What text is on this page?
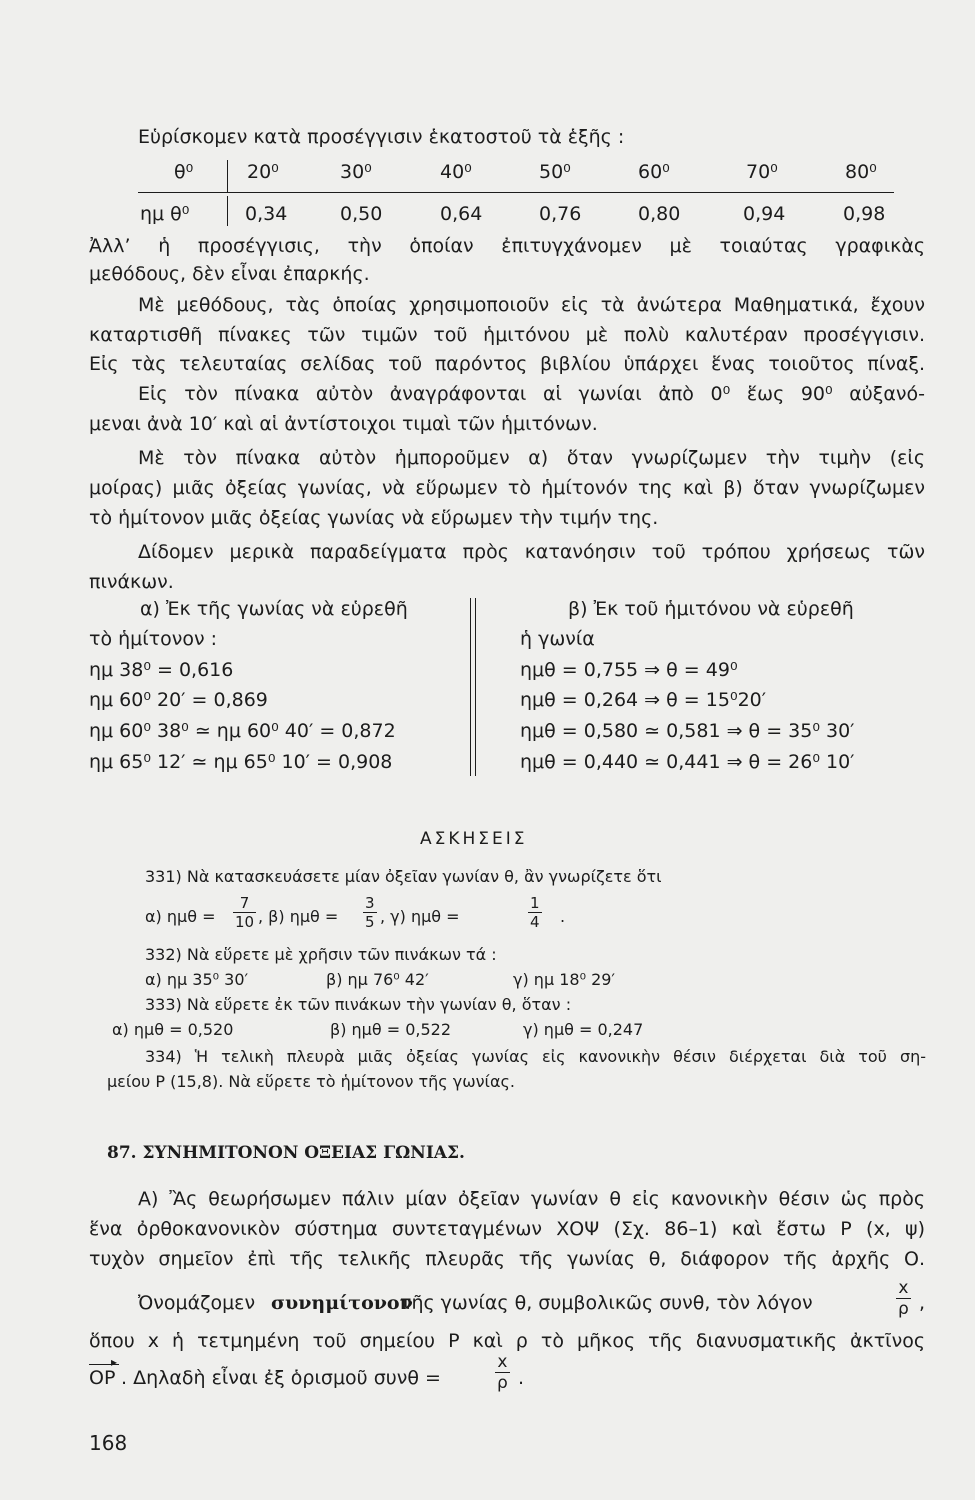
Εὑρίσκομεν κατὰ προσέγγισιν ἑκατοστοῦ τὰ ἑξῆς :
θ⁰	20⁰	30⁰	40⁰	50⁰	60⁰	70⁰	80⁰
ημ θ⁰	0,34	0,50	0,64	0,76	0,80	0,94	0,98
Ἀλλ’ ἡ προσέγγισις, τὴν ὁποίαν ἐπιτυγχάνομεν μὲ τοιαύτας γραφικὰς
μεθόδους, δὲν εἶναι ἐπαρκής.
Μὲ μεθόδους, τὰς ὁποίας χρησιμοποιοῦν εἰς τὰ ἀνώτερα Μαθηματικά, ἔχουν
καταρτισθῆ πίνακες τῶν τιμῶν τοῦ ἡμιτόνου μὲ πολὺ καλυτέραν προσέγγισιν.
Εἰς τὰς τελευταίας σελίδας τοῦ παρόντος βιβλίου ὑπάρχει ἕνας τοιοῦτος πίναξ.
Εἰς τὸν πίνακα αὐτὸν ἀναγράφονται αἱ γωνίαι ἀπὸ 0⁰ ἕως 90⁰ αὐξανό-
μεναι ἀνὰ 10′ καὶ αἱ ἀντίστοιχοι τιμαὶ τῶν ἡμιτόνων.
Μὲ τὸν πίνακα αὐτὸν ἠμποροῦμεν α) ὅταν γνωρίζωμεν τὴν τιμὴν (εἰς
μοίρας) μιᾶς ὀξείας γωνίας, νὰ εὕρωμεν τὸ ἡμίτονόν της καὶ β) ὅταν γνωρίζωμεν
τὸ ἡμίτονον μιᾶς ὀξείας γωνίας νὰ εὕρωμεν τὴν τιμήν της.
Δίδομεν μερικὰ παραδείγματα πρὸς κατανόησιν τοῦ τρόπου χρήσεως τῶν
πινάκων.
α) Ἐκ τῆς γωνίας νὰ εὑρεθῆ
τὸ ἡμίτονον :
ημ 38⁰ = 0,616
ημ 60⁰ 20′ = 0,869
ημ 60⁰ 38⁰ ≃ ημ 60⁰ 40′ = 0,872
ημ 65⁰ 12′ ≃ ημ 65⁰ 10′ = 0,908
β) Ἐκ τοῦ ἡμιτόνου νὰ εὑρεθῆ
ἡ γωνία
ημθ = 0,755 ⇒ θ = 49⁰
ημθ = 0,264 ⇒ θ = 15⁰20′
ημθ = 0,580 ≃ 0,581 ⇒ θ = 35⁰ 30′
ημθ = 0,440 ≃ 0,441 ⇒ θ = 26⁰ 10′
ΑΣΚΗΣΕΙΣ
331) Νὰ κατασκευάσετε μίαν ὀξεῖαν γωνίαν θ, ἂν γνωρίζετε ὅτι
α) $\eta\mu\theta = \frac{7}{10}$ , β) $\eta\mu\theta = \frac{3}{5}$ , γ) ημθ =	$\frac{1}{4}$ .
332) Νὰ εὕρετε μὲ χρῆσιν τῶν πινάκων τά :
α) ημ 35⁰ 30′	β) ημ 76⁰ 42′	γ) ημ 18⁰ 29′
333) Νὰ εὕρετε ἐκ τῶν πινάκων τὴν γωνίαν θ, ὅταν :
α) ημθ = 0,520	β) ημθ = 0,522	γ) ημθ = 0,247
334) Ἡ τελικὴ πλευρὰ μιᾶς ὀξείας γωνίας εἰς κανονικὴν θέσιν διέρχεται διὰ τοῦ ση-
μείου P (15,8). Νὰ εὕρετε τὸ ἡμίτονον τῆς γωνίας.
87. ΣΥΝΗΜΙΤΟΝΟΝ ΟΞΕΙΑΣ ΓΩΝΙΑΣ.
Α) Ἂς θεωρήσωμεν πάλιν μίαν ὀξεῖαν γωνίαν θ εἰς κανονικὴν θέσιν ὡς πρὸς
ἕνα ὀρθοκανονικὸν σύστημα συντεταγμένων ΧΟΨ (Σχ. 86–1) καὶ ἔστω P (x, ψ)
τυχὸν σημεῖον ἐπὶ τῆς τελικῆς πλευρᾶς τῆς γωνίας θ, διάφορον τῆς ἀρχῆς Ο.
Ὀνομάζομεν συνημίτονον
τῆς γωνίας θ, συμβολικῶς συνθ, τὸν λόγον	$\frac{x}{\rho}$ ,
ὅπου x ἡ τετμημένη τοῦ σημείου P καὶ ρ τὸ μῆκος τῆς διανυσματικῆς ἀκτῖνος
▸
OP . Δηλαδὴ εἶναι ἐξ ὁρισμοῦ συνθ =	$\frac{x}{\rho}$ .
168
